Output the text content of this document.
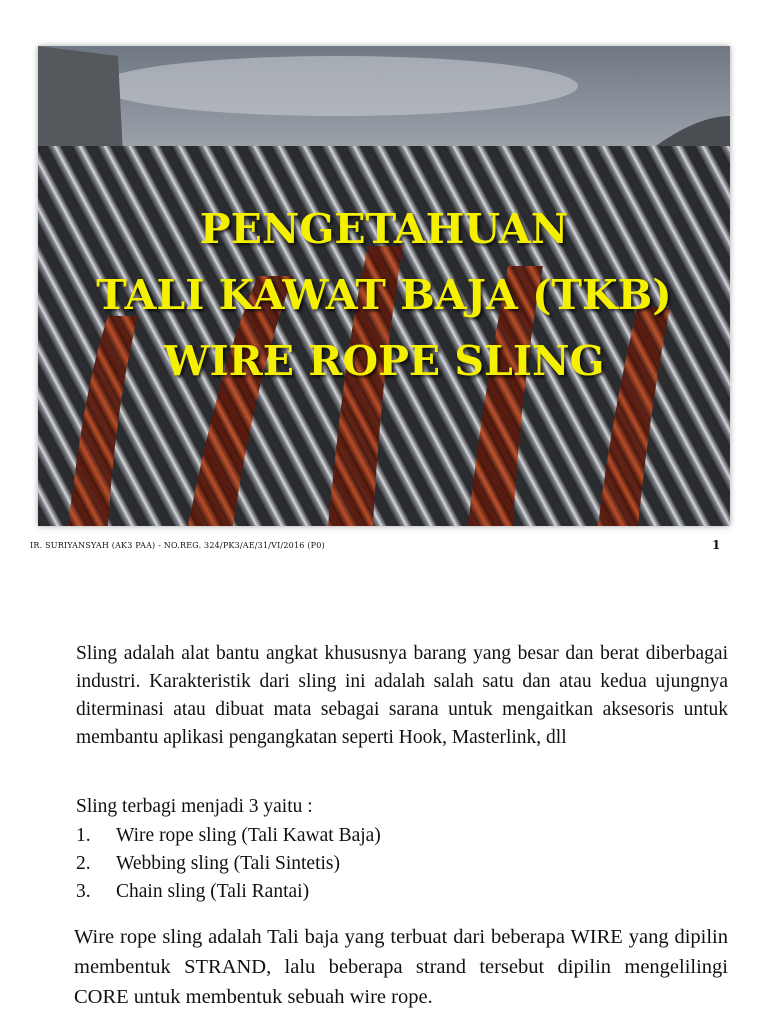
PENGETAHUAN
TALI KAWAT BAJA (TKB)
WIRE ROPE SLING
IR. SURIYANSYAH (AK3 PAA) - NO.REG. 324/PK3/AE/31/VI/2016 (P0)	1
Sling adalah alat bantu angkat khususnya barang yang besar dan berat diberbagai industri. Karakteristik dari sling ini adalah salah satu dan atau kedua ujungnya diterminasi atau dibuat mata sebagai sarana untuk mengaitkan aksesoris untuk membantu aplikasi pengangkatan seperti Hook, Masterlink, dll
Sling terbagi menjadi 3 yaitu :
1.	Wire rope sling (Tali Kawat Baja)
2.	Webbing sling (Tali Sintetis)
3.	Chain sling (Tali Rantai)
Wire rope sling adalah Tali baja yang terbuat dari beberapa WIRE yang dipilin membentuk STRAND, lalu beberapa strand tersebut dipilin mengelilingi CORE untuk membentuk sebuah wire rope.
